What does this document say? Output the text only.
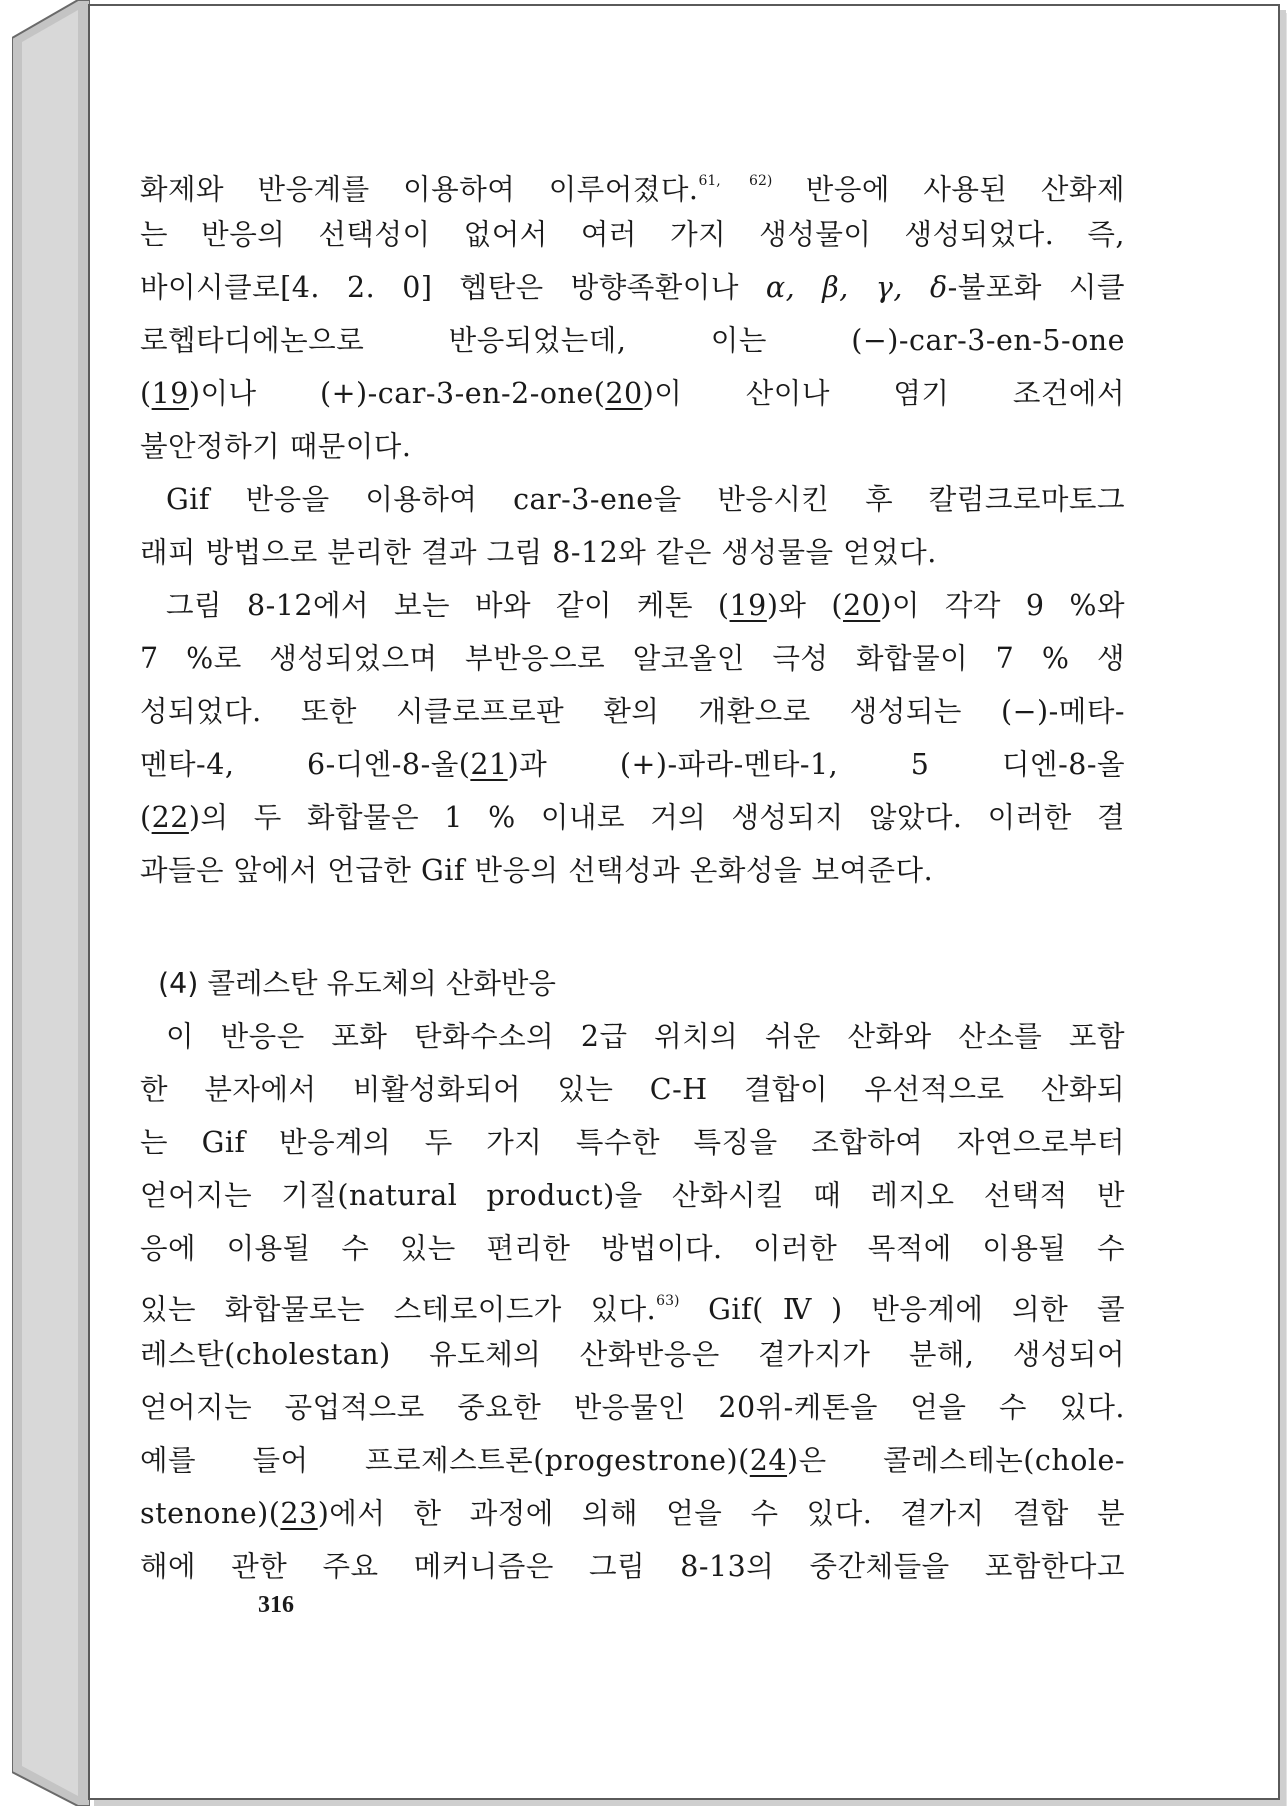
화제와 반응계를 이용하여 이루어졌다.$^{61, 62)}$ 반응에 사용된 산화제
는 반응의 선택성이 없어서 여러 가지 생성물이 생성되었다. 즉,
바이시클로[4. 2. 0] 헵탄은 방향족환이나 α, β, γ, δ-불포화 시클
로헵타디에논으로 반응되었는데, 이는 (−)-car-3-en-5-one
(19)이나 (+)-car-3-en-2-one(20)이 산이나 염기 조건에서
불안정하기 때문이다.
Gif 반응을 이용하여 car-3-ene을 반응시킨 후 칼럼크로마토그
래피 방법으로 분리한 결과 그림 8-12와 같은 생성물을 얻었다.
그림 8-12에서 보는 바와 같이 케톤 (19)와 (20)이 각각 9 %와
7 %로 생성되었으며 부반응으로 알코올인 극성 화합물이 7 % 생
성되었다. 또한 시클로프로판 환의 개환으로 생성되는 (−)-메타-
멘타-4, 6-디엔-8-올(21)과 (+)-파라-멘타-1, 5 디엔-8-올
(22)의 두 화합물은 1 % 이내로 거의 생성되지 않았다. 이러한 결
과들은 앞에서 언급한 Gif 반응의 선택성과 온화성을 보여준다.
(4) 콜레스탄 유도체의 산화반응
이 반응은 포화 탄화수소의 2급 위치의 쉬운 산화와 산소를 포함
한 분자에서 비활성화되어 있는 C-H 결합이 우선적으로 산화되
는 Gif 반응계의 두 가지 특수한 특징을 조합하여 자연으로부터
얻어지는 기질(natural product)을 산화시킬 때 레지오 선택적 반
응에 이용될 수 있는 편리한 방법이다. 이러한 목적에 이용될 수
있는 화합물로는 스테로이드가 있다.$^{63)}$ Gif(Ⅳ) 반응계에 의한 콜
레스탄(cholestan) 유도체의 산화반응은 곁가지가 분해, 생성되어
얻어지는 공업적으로 중요한 반응물인 20위-케톤을 얻을 수 있다.
예를 들어 프로제스트론(progestrone)(24)은 콜레스테논(chole-
stenone)(23)에서 한 과정에 의해 얻을 수 있다. 곁가지 결합 분
해에 관한 주요 메커니즘은 그림 8-13의 중간체들을 포함한다고
316
